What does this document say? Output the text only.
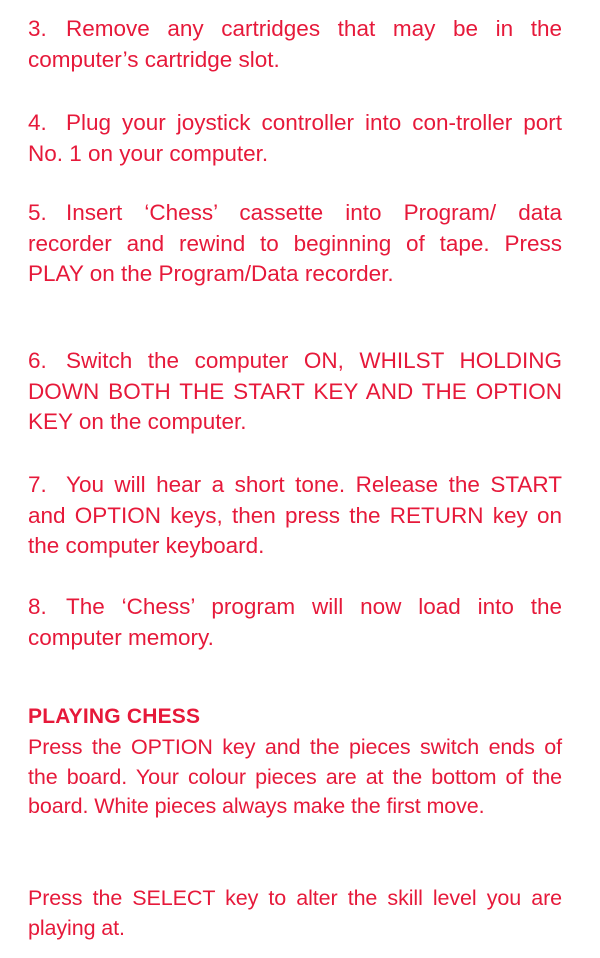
3. Remove any cartridges that may be in the computer’s cartridge slot.

4. Plug your joystick controller into con-troller port No. 1 on your computer.

5. Insert ‘Chess’ cassette into Program/ data recorder and rewind to beginning of tape. Press PLAY on the Program/Data recorder.

6. Switch the computer ON, WHILST HOLDING DOWN BOTH THE START KEY AND THE OPTION KEY on the computer.

7. You will hear a short tone. Release the START and OPTION keys, then press the RETURN key on the computer keyboard.

8. The ‘Chess’ program will now load into the computer memory.

PLAYING CHESS

Press the OPTION key and the pieces switch ends of the board. Your colour pieces are at the bottom of the board. White pieces always make the first move.

Press the SELECT key to alter the skill level you are playing at.
